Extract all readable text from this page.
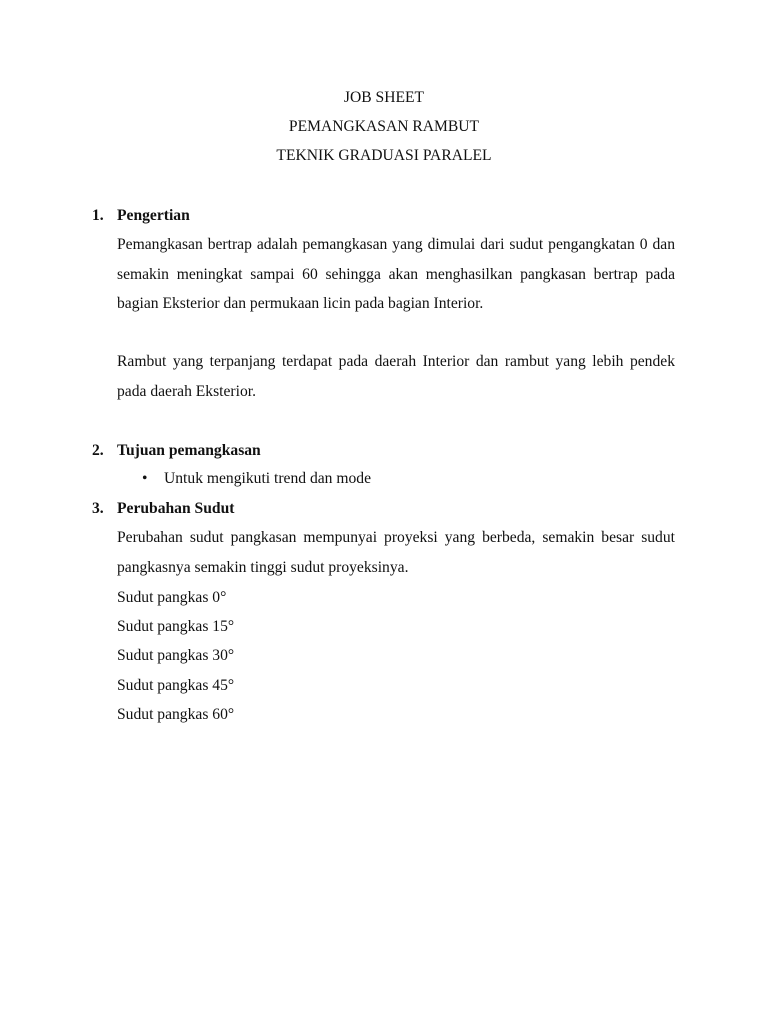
JOB SHEET
PEMANGKASAN RAMBUT
TEKNIK GRADUASI PARALEL
1. Pengertian
Pemangkasan bertrap adalah pemangkasan yang dimulai dari sudut pengangkatan 0 dan semakin meningkat sampai 60 sehingga akan menghasilkan pangkasan bertrap pada bagian Eksterior dan permukaan licin pada bagian Interior.
Rambut yang terpanjang terdapat pada daerah Interior dan rambut yang lebih pendek pada daerah Eksterior.
2. Tujuan pemangkasan
• Untuk mengikuti trend dan mode
3. Perubahan Sudut
Perubahan sudut pangkasan mempunyai proyeksi yang berbeda, semakin besar sudut pangkasnya semakin tinggi sudut proyeksinya.
Sudut pangkas 0°
Sudut pangkas 15°
Sudut pangkas 30°
Sudut pangkas 45°
Sudut pangkas 60°
